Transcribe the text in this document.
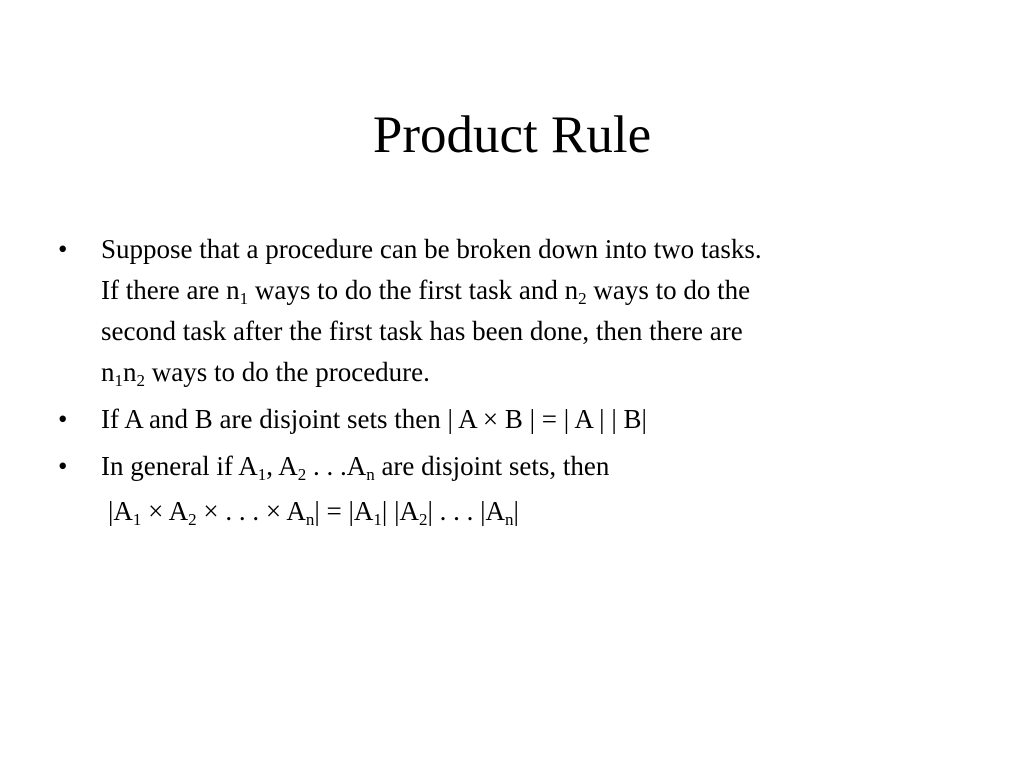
Product Rule
• Suppose that a procedure can be broken down into two tasks.
If there are $n_1$ ways to do the first task and $n_2$ ways to do the
second task after the first task has been done, then there are
$n_1n_2$ ways to do the procedure.
• If A and B are disjoint sets then | A × B | = | A | | B|
• In general if $A_1$, $A_2$ . . $.A_n$ are disjoint sets, then
$|A_1 \times A_2$ × . . . × $A_n| = |A_1|$ $|A_2|$ . . . $|A_n|$
